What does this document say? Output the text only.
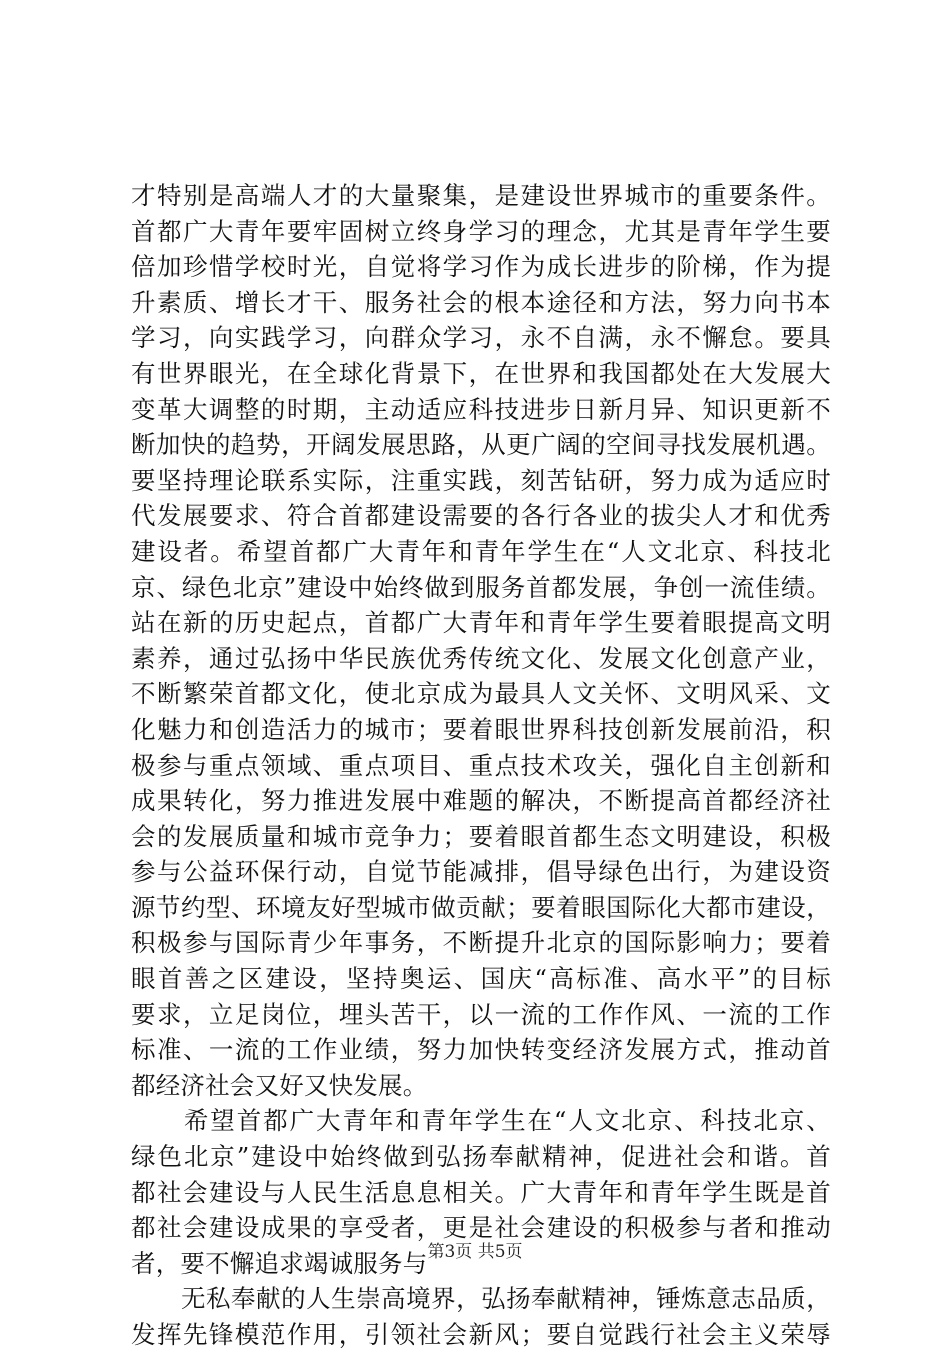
才特别是高端人才的大量聚集，是建设世界城市的重要条件。
首都广大青年要牢固树立终身学习的理念，尤其是青年学生要
倍加珍惜学校时光，自觉将学习作为成长进步的阶梯，作为提
升素质、增长才干、服务社会的根本途径和方法，努力向书本
学习，向实践学习，向群众学习，永不自满，永不懈怠。要具
有世界眼光，在全球化背景下，在世界和我国都处在大发展大
变革大调整的时期，主动适应科技进步日新月异、知识更新不
断加快的趋势，开阔发展思路，从更广阔的空间寻找发展机遇。
要坚持理论联系实际，注重实践，刻苦钻研，努力成为适应时
代发展要求、符合首都建设需要的各行各业的拔尖人才和优秀
建设者。希望首都广大青年和青年学生在“人文北京、科技北
京、绿色北京”建设中始终做到服务首都发展，争创一流佳绩。
站在新的历史起点，首都广大青年和青年学生要着眼提高文明
素养，通过弘扬中华民族优秀传统文化、发展文化创意产业，
不断繁荣首都文化，使北京成为最具人文关怀、文明风采、文
化魅力和创造活力的城市；要着眼世界科技创新发展前沿，积
极参与重点领域、重点项目、重点技术攻关，强化自主创新和
成果转化，努力推进发展中难题的解决，不断提高首都经济社
会的发展质量和城市竞争力；要着眼首都生态文明建设，积极
参与公益环保行动，自觉节能减排，倡导绿色出行，为建设资
源节约型、环境友好型城市做贡献；要着眼国际化大都市建设，
积极参与国际青少年事务，不断提升北京的国际影响力；要着
眼首善之区建设，坚持奥运、国庆“高标准、高水平”的目标
要求，立足岗位，埋头苦干，以一流的工作作风、一流的工作
标准、一流的工作业绩，努力加快转变经济发展方式，推动首
都经济社会又好又快发展。
　　希望首都广大青年和青年学生在“人文北京、科技北京、
绿色北京”建设中始终做到弘扬奉献精神，促进社会和谐。首
都社会建设与人民生活息息相关。广大青年和青年学生既是首
都社会建设成果的享受者，更是社会建设的积极参与者和推动
者，要不懈追求竭诚服务与
　　无私奉献的人生崇高境界，弘扬奉献精神，锤炼意志品质，
发挥先锋模范作用，引领社会新风；要自觉践行社会主义荣辱
第3页 共5页
